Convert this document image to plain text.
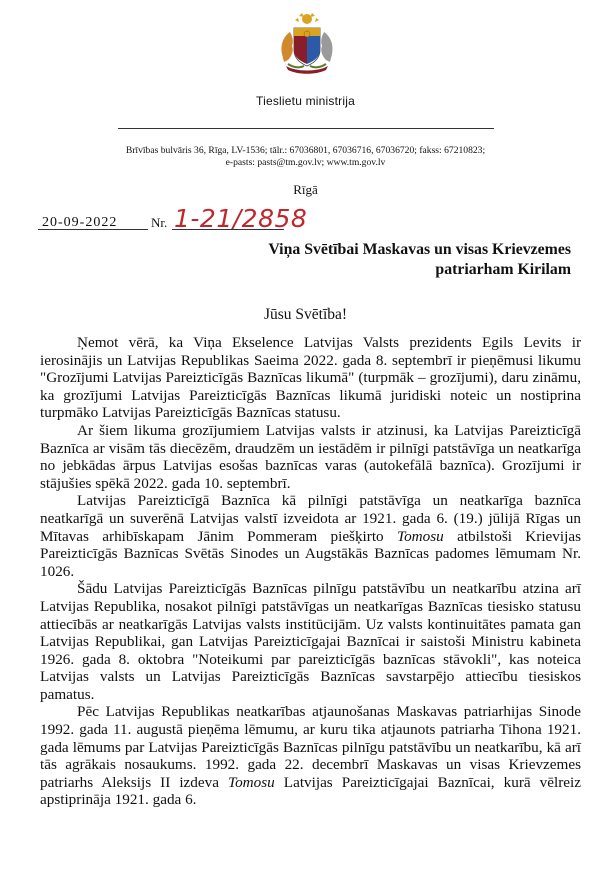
Tieslietu ministrija
Brīvības bulvāris 36, Rīga, LV-1536; tālr.: 67036801, 67036716, 67036720; fakss: 67210823;
e-pasts: pasts@tm.gov.lv; www.tm.gov.lv
Rīgā
20-09-2022	Nr. 1-21/2858
Viņa Svētībai Maskavas un visas Krievzemes
patriarham Kirilam
Jūsu Svētība!

Ņemot vērā, ka Viņa Ekselence Latvijas Valsts prezidents Egils Levits ir ierosinājis un Latvijas Republikas Saeima 2022. gada 8. septembrī ir pieņēmusi likumu "Grozījumi Latvijas Pareizticīgās Baznīcas likumā" (turpmāk – grozījumi), daru zināmu, ka grozījumi Latvijas Pareizticīgās Baznīcas likumā juridiski noteic un nostiprina turpmāko Latvijas Pareizticīgās Baznīcas statusu.

Ar šiem likuma grozījumiem Latvijas valsts ir atzinusi, ka Latvijas Pareizticīgā Baznīca ar visām tās diecēzēm, draudzēm un iestādēm ir pilnīgi patstāvīga un neatkarīga no jebkādas ārpus Latvijas esošas baznīcas varas (autokefālā baznīca). Grozījumi ir stājušies spēkā 2022. gada 10. septembrī.

Latvijas Pareizticīgā Baznīca kā pilnīgi patstāvīga un neatkarīga baznīca neatkarīgā un suverēnā Latvijas valstī izveidota ar 1921. gada 6. (19.) jūlijā Rīgas un Mītavas arhibīskapam Jānim Pommeram piešķirto Tomosu atbilstoši Krievijas Pareizticīgās Baznīcas Svētās Sinodes un Augstākās Baznīcas padomes lēmumam Nr. 1026.

Šādu Latvijas Pareizticīgās Baznīcas pilnīgu patstāvību un neatkarību atzina arī Latvijas Republika, nosakot pilnīgi patstāvīgas un neatkarīgas Baznīcas tiesisko statusu attiecībās ar neatkarīgās Latvijas valsts institūcijām. Uz valsts kontinuitātes pamata gan Latvijas Republikai, gan Latvijas Pareizticīgajai Baznīcai ir saistoši Ministru kabineta 1926. gada 8. oktobra "Noteikumi par pareizticīgās baznīcas stāvokli", kas noteica Latvijas valsts un Latvijas Pareizticīgās Baznīcas savstarpējo attiecību tiesiskos pamatus.

Pēc Latvijas Republikas neatkarības atjaunošanas Maskavas patriarhijas Sinode 1992. gada 11. augustā pieņēma lēmumu, ar kuru tika atjaunots patriarha Tihona 1921. gada lēmums par Latvijas Pareizticīgās Baznīcas pilnīgu patstāvību un neatkarību, kā arī tās agrākais nosaukums. 1992. gada 22. decembrī Maskavas un visas Krievzemes patriarhs Aleksijs II izdeva Tomosu Latvijas Pareizticīgajai Baznīcai, kurā vēlreiz apstiprināja 1921. gada 6.
